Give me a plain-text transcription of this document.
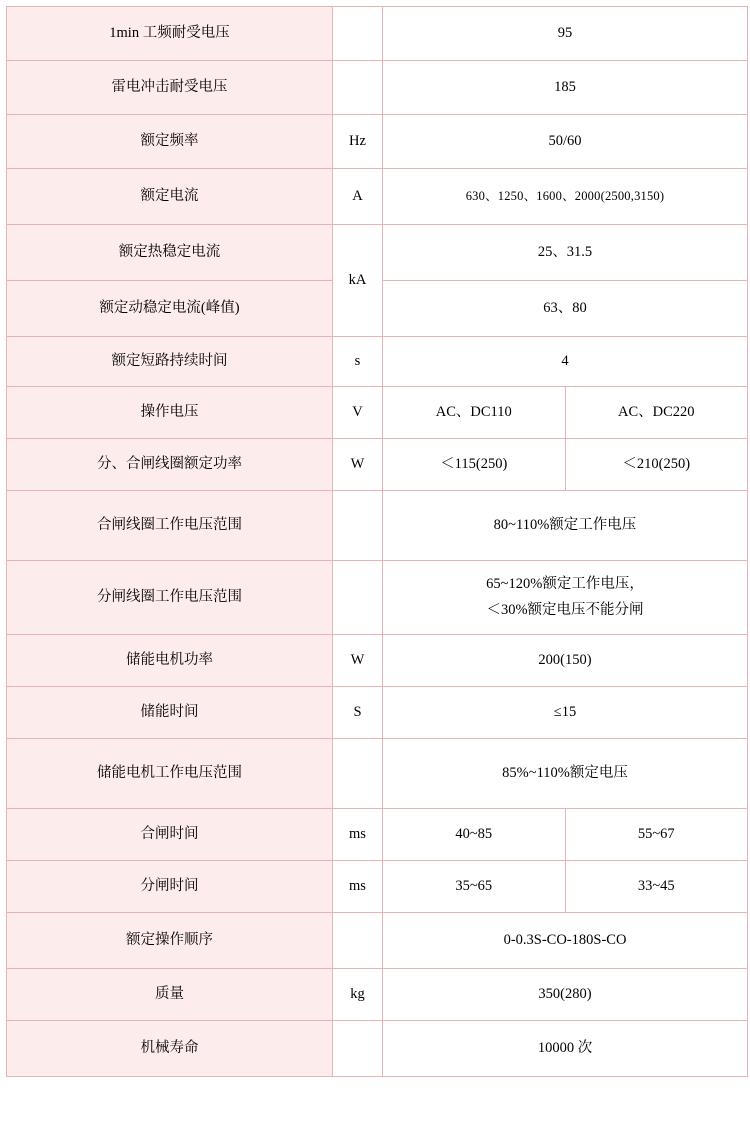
1min 工频耐受电压		95	
雷电冲击耐受电压		185	
额定频率	Hz	50/60	
额定电流	A	630、1250、1600、2000(2500,3150)	
额定热稳定电流	kA	25、31.5	
额定动稳定电流(峰值)		63、80	
额定短路持续时间	s	4	
操作电压	V	AC、DC110	AC、DC220
分、合闸线圈额定功率	W	＜115(250)	＜210(250)
合闸线圈工作电压范围		80~110%额定工作电压	
分闸线圈工作电压范围		65~120%额定工作电压，
＜30%额定电压不能分闸	

储能电机功率	W	200(150)	
储能时间	S	≤15	
储能电机工作电压范围		85%~110%额定电压	
合闸时间	ms	40~85	55~67
分闸时间	ms	35~65	33~45
额定操作顺序		0-0.3S-CO-180S-CO	
质量	kg	350(280)	
机械寿命		10000 次	
